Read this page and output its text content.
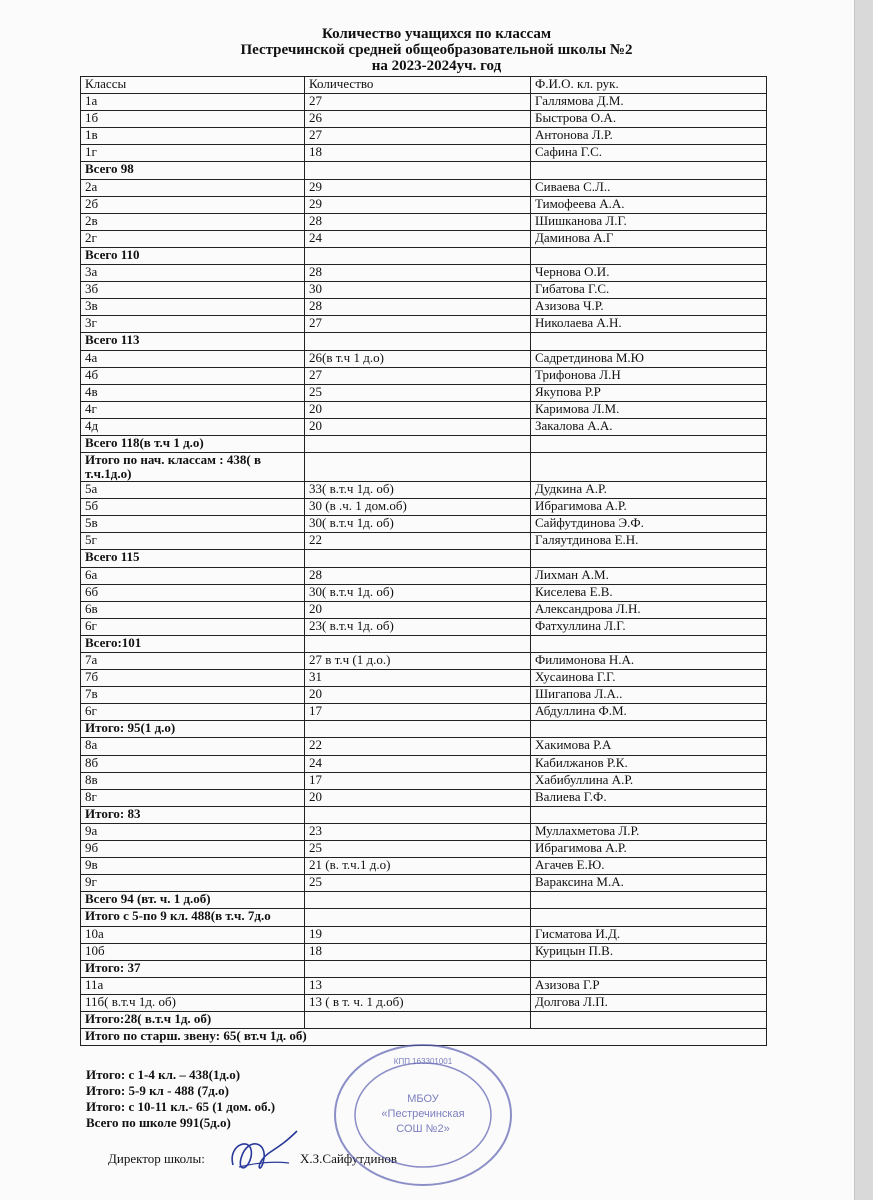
Количество учащихся по классам
Пестречинской средней общеобразовательной школы №2
на 2023-2024уч. год
Классы	Количество	Ф.И.О. кл. рук.
1а	27	Галлямова Д.М.
1б	26	Быстрова О.А.
1в	27	Антонова Л.Р.
1г	18	Сафина Г.С.
Всего 98		
2а	29	Сиваева С.Л..
2б	29	Тимофеева А.А.
2в	28	Шишканова Л.Г.
2г	24	Даминова А.Г
Всего 110		
3а	28	Чернова О.И.
3б	30	Гибатова Г.С.
3в	28	Азизова Ч.Р.
3г	27	Николаева А.Н.
Всего 113		
4а	26(в т.ч 1 д.о)	Садретдинова М.Ю
4б	27	Трифонова Л.Н
4в	25	Якупова Р.Р
4г	20	Каримова Л.М.
4д	20	Закалова А.А.
Всего 118(в т.ч 1 д.о)		
Итого по нач. классам : 438( в т.ч.1д.о)		
5а	33( в.т.ч 1д. об)	Дудкина А.Р.
5б	30 (в .ч. 1 дом.об)	Ибрагимова А.Р.
5в	30( в.т.ч 1д. об)	Сайфутдинова Э.Ф.
5г	22	Галяутдинова Е.Н.
Всего 115		
6а	28	Лихман А.М.
6б	30( в.т.ч 1д. об)	Киселева Е.В.
6в	20	Александрова Л.Н.
6г	23( в.т.ч 1д. об)	Фатхуллина Л.Г.
Всего:101		
7а	27 в т.ч (1 д.о.)	Филимонова Н.А.
7б	31	Хусаинова Г.Г.
7в	20	Шигапова Л.А..
6г	17	Абдуллина Ф.М.
Итого: 95(1 д.о)		
8а	22	Хакимова Р.А
8б	24	Кабилжанов Р.К.
8в	17	Хабибуллина А.Р.
8г	20	Валиева Г.Ф.
Итого: 83		
9а	23	Муллахметова Л.Р.
9б	25	Ибрагимова А.Р.
9в	21 (в. т.ч.1 д.о)	Агачев Е.Ю.
9г	25	Вараксина М.А.
Всего 94 (вт. ч. 1 д.об)		
Итого с 5-по 9 кл. 488(в т.ч. 7д.о		
10а	19	Гисматова И.Д.
10б	18	Курицын П.В.
Итого: 37		
11а	13	Азизова Г.Р
11б( в.т.ч 1д. об)	13 ( в т. ч. 1 д.об)	Долгова Л.П.
Итого:28( в.т.ч 1д. об)		
Итого по старш. звену: 65( вт.ч 1д. об)		
Итого: с 1-4 кл. – 438(1д.о)
Итого: 5-9 кл - 488 (7д.о)
Итого: с 10-11 кл.- 65 (1 дом. об.)
Всего по школе 991(5д.о)
Директор школы:	Х.З.Сайфутдинов
КПП 163301001
МБОУ
«Пестречинская
СОШ №2»
